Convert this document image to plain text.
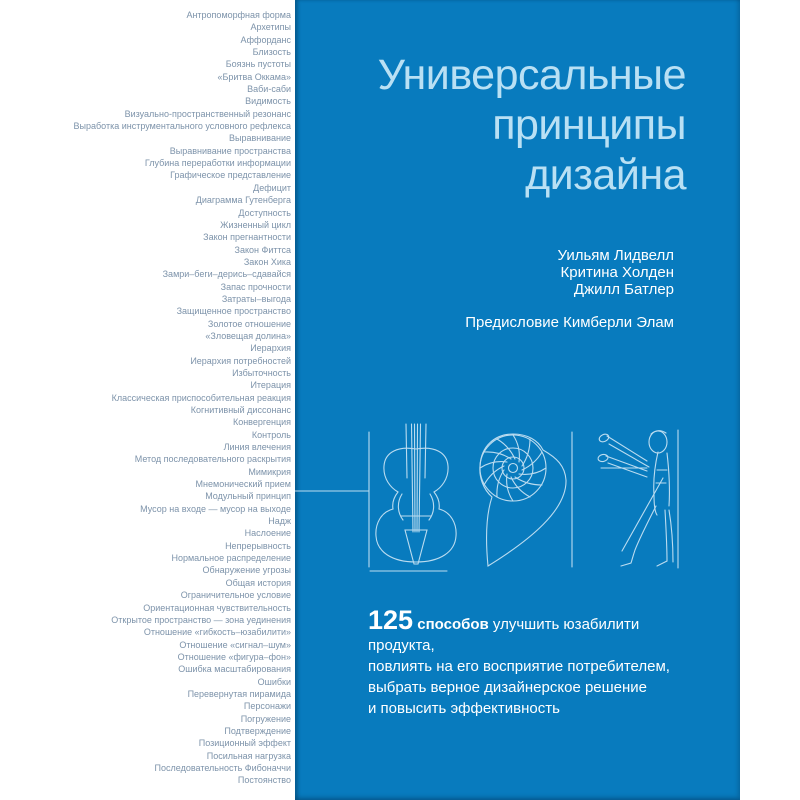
Антропоморфная форма
Архетипы
Аффорданс
Близость
Боязнь пустоты
«Бритва Оккама»
Ваби-саби
Видимость
Визуально-пространственный резонанс
Выработка инструментального условного рефлекса
Выравнивание
Выравнивание пространства
Глубина переработки информации
Графическое представление
Дефицит
Диаграмма Гутенберга
Доступность
Жизненный цикл
Закон прегнантности
Закон Фиттса
Закон Хика
Замри–беги–дерись–сдавайся
Запас прочности
Затраты–выгода
Защищенное пространство
Золотое отношение
«Зловещая долина»
Иерархия
Иерархия потребностей
Избыточность
Итерация
Классическая приспособительная реакция
Когнитивный диссонанс
Конвергенция
Контроль
Линия влечения
Метод последовательного раскрытия
Мимикрия
Мнемонический прием
Модульный принцип
Мусор на входе — мусор на выходе
Надж
Наслоение
Непрерывность
Нормальное распределение
Обнаружение угрозы
Общая история
Ограничительное условие
Ориентационная чувствительность
Открытое пространство — зона уединения
Отношение «гибкость–юзабилити»
Отношение «сигнал–шум»
Отношение «фигура–фон»
Ошибка масштабирования
Ошибки
Перевернутая пирамида
Персонажи
Погружение
Подтверждение
Позиционный эффект
Посильная нагрузка
Последовательность Фибоначчи
Постоянство
Универсальные
принципы
дизайна
Уильям Лидвелл
Критина Холден
Джилл Батлер
Предисловие Кимберли Элам
125 способов улучшить юзабилити продукта,
повлиять на его восприятие потребителем,
выбрать верное дизайнерское решение
и повысить эффективность
